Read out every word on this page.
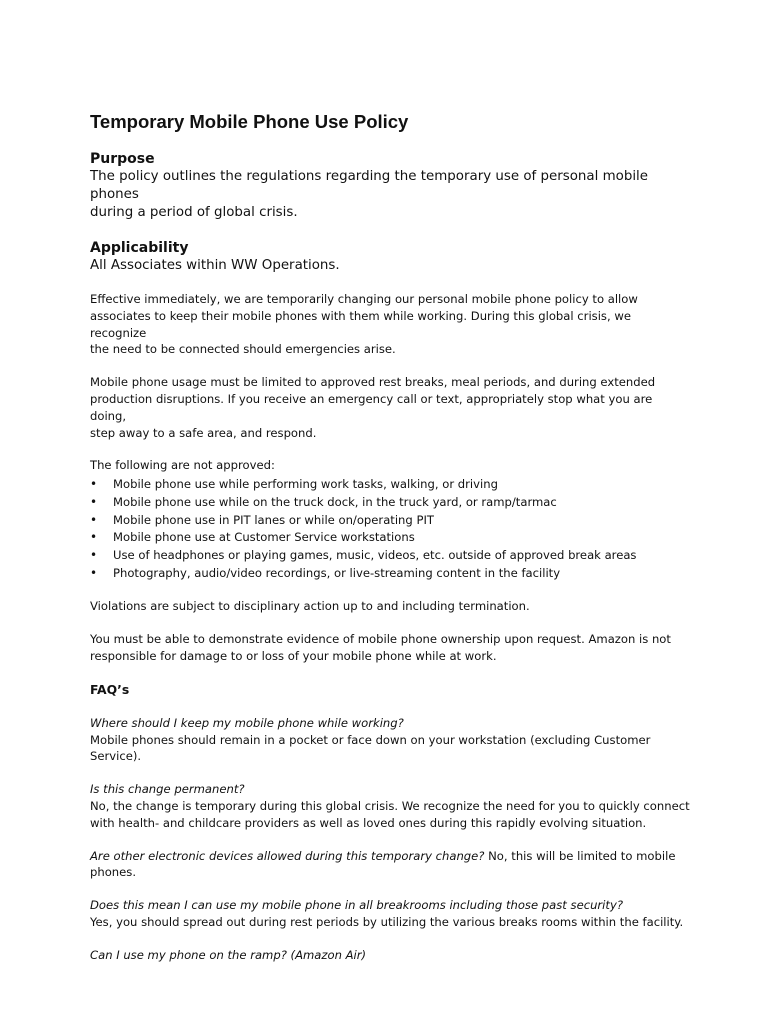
Temporary Mobile Phone Use Policy
Purpose

The policy outlines the regulations regarding the temporary use of personal mobile phones
during a period of global crisis.

Applicability

All Associates within WW Operations.

Effective immediately, we are temporarily changing our personal mobile phone policy to allow
associates to keep their mobile phones with them while working. During this global crisis, we recognize
the need to be connected should emergencies arise.

Mobile phone usage must be limited to approved rest breaks, meal periods, and during extended
production disruptions. If you receive an emergency call or text, appropriately stop what you are doing,
step away to a safe area, and respond.

The following are not approved:

• Mobile phone use while performing work tasks, walking, or driving
• Mobile phone use while on the truck dock, in the truck yard, or ramp/tarmac
• Mobile phone use in PIT lanes or while on/operating PIT
• Mobile phone use at Customer Service workstations
• Use of headphones or playing games, music, videos, etc. outside of approved break areas
• Photography, audio/video recordings, or live-streaming content in the facility

Violations are subject to disciplinary action up to and including termination.

You must be able to demonstrate evidence of mobile phone ownership upon request. Amazon is not
responsible for damage to or loss of your mobile phone while at work.

FAQ’s

Where should I keep my mobile phone while working?
Mobile phones should remain in a pocket or face down on your workstation (excluding Customer
Service).

Is this change permanent?
No, the change is temporary during this global crisis. We recognize the need for you to quickly connect
with health- and childcare providers as well as loved ones during this rapidly evolving situation.

Are other electronic devices allowed during this temporary change? No, this will be limited to mobile
phones.

Does this mean I can use my mobile phone in all breakrooms including those past security?
Yes, you should spread out during rest periods by utilizing the various breaks rooms within the facility.

Can I use my phone on the ramp? (Amazon Air)
